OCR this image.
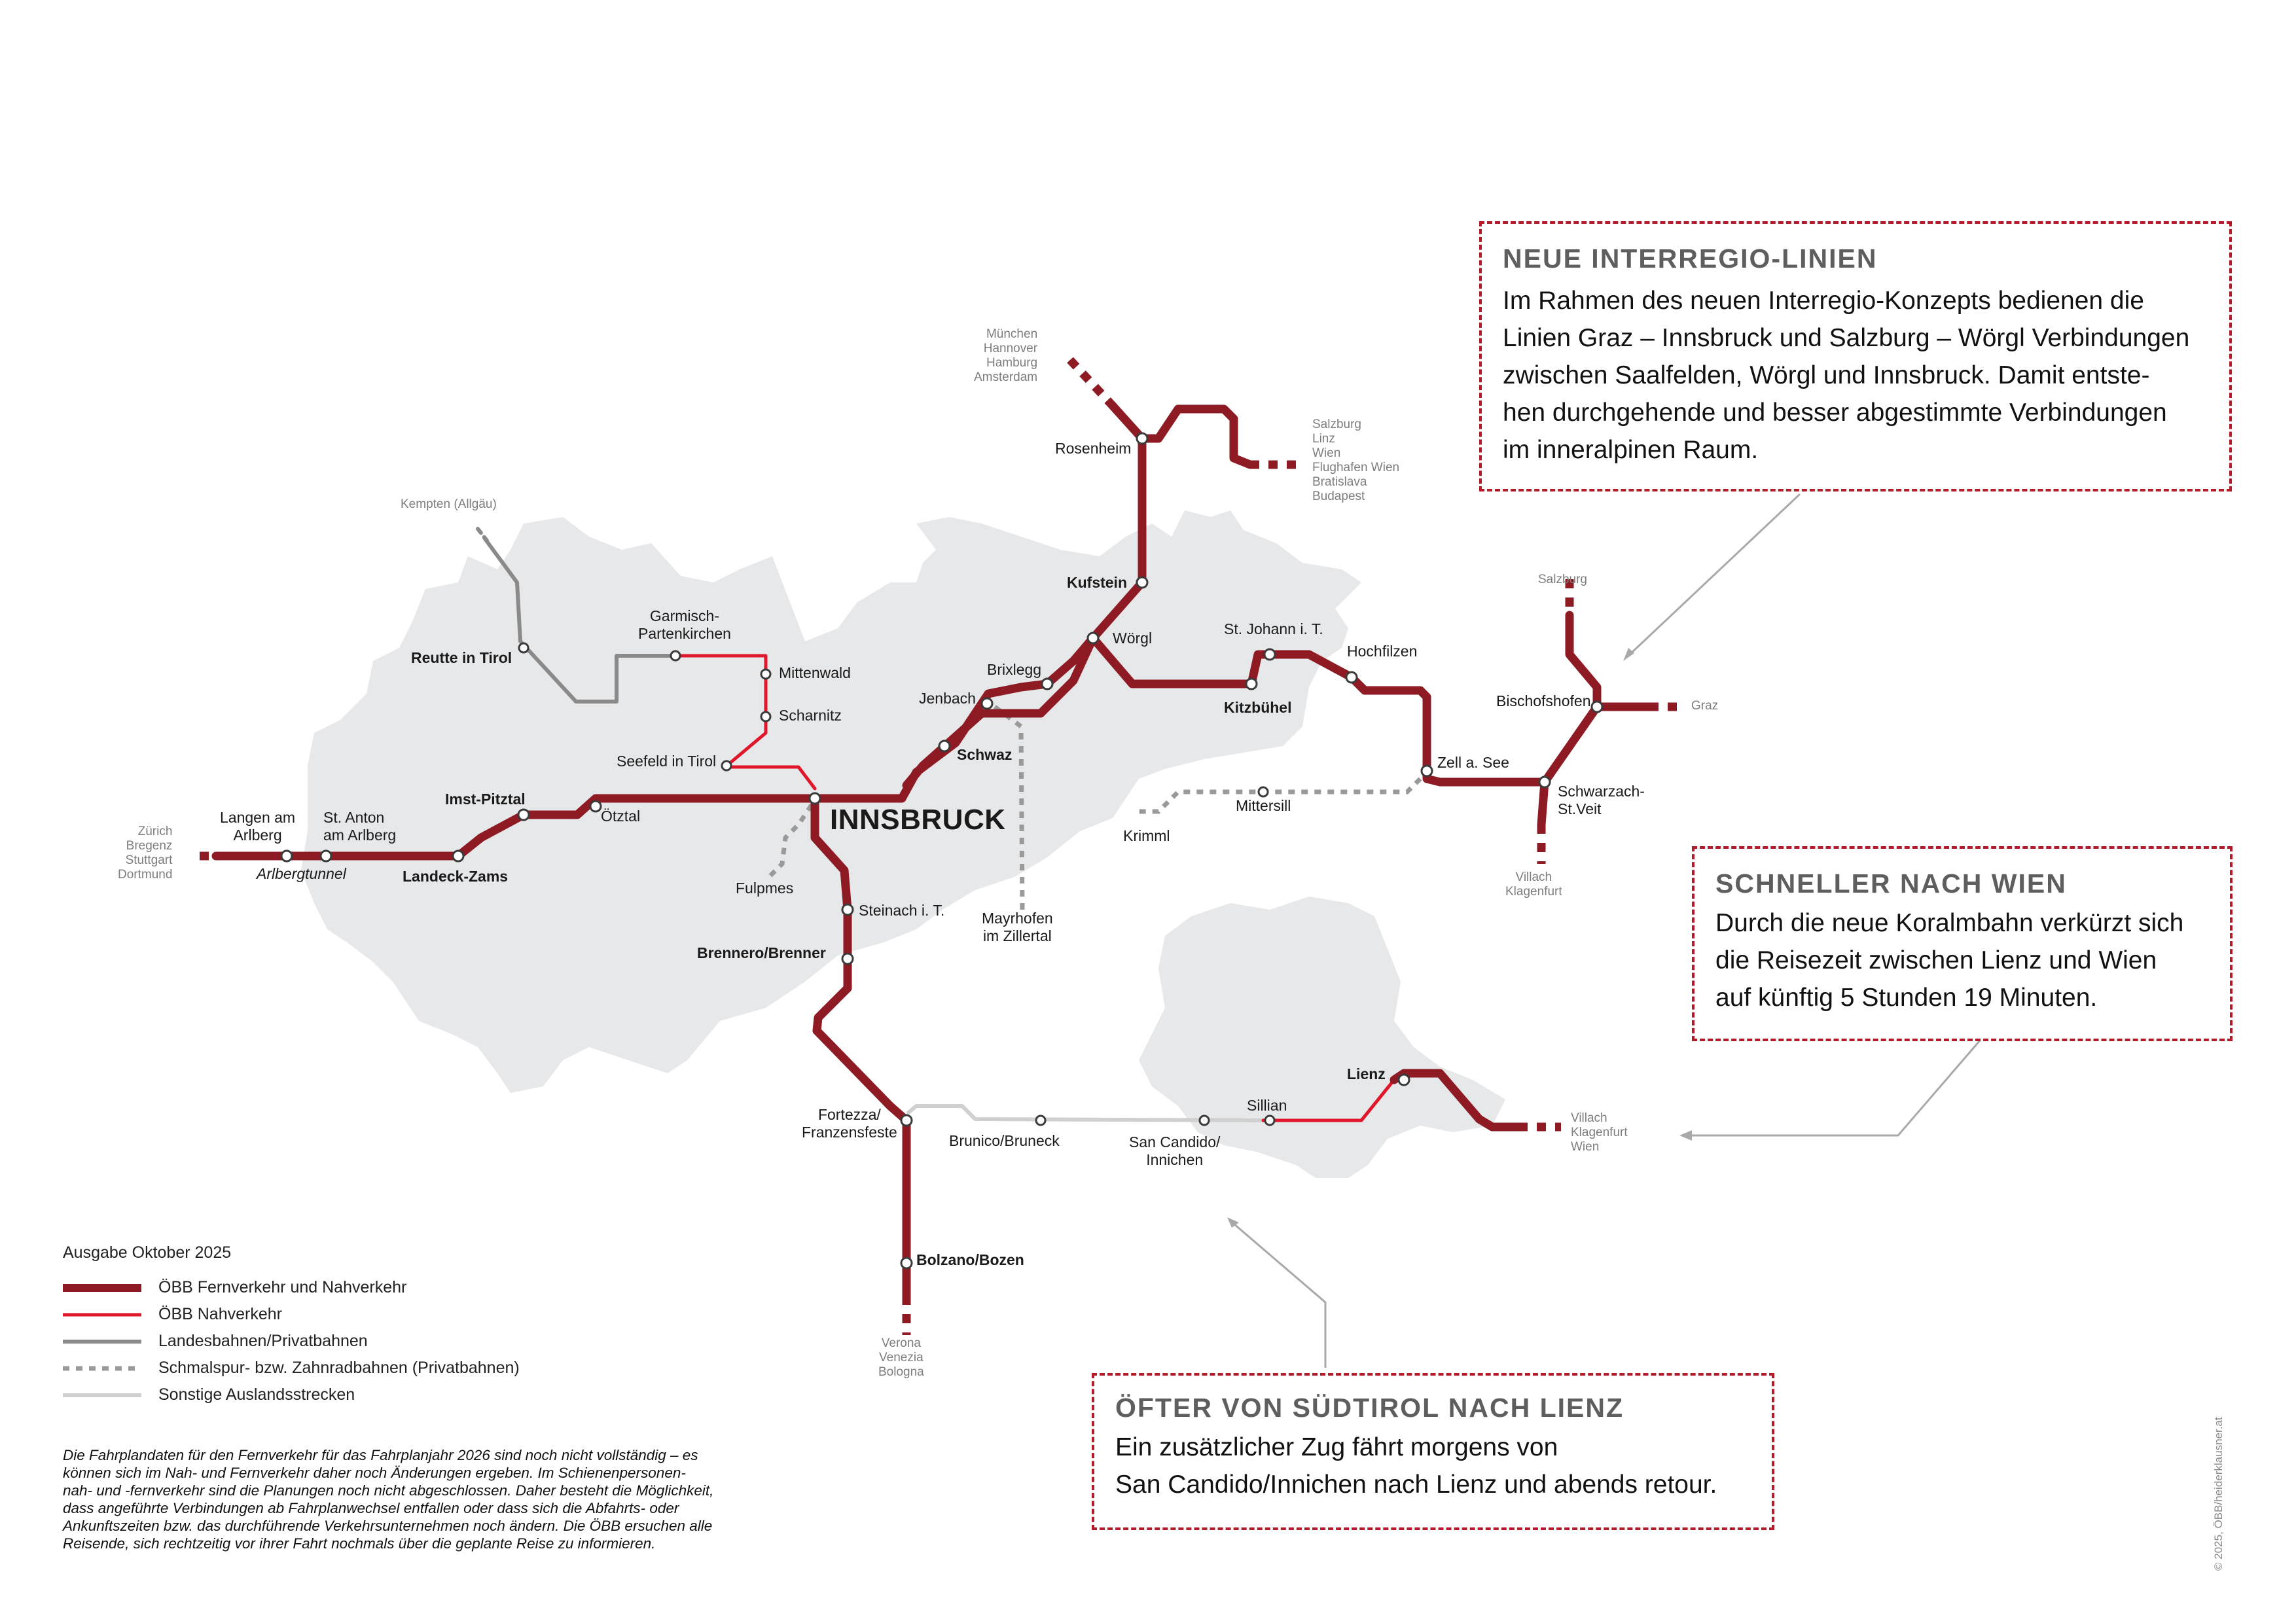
INNSBRUCK
Kufstein
Wörgl
Rosenheim
Brixlegg
Jenbach
Schwaz
St. Johann i. T.
Hochfilzen
Kitzbühel
Zell a. See
Bischofshofen
Schwarzach-
St.Veit
Mittersill
Krimml
Garmisch-
Partenkirchen
Mittenwald
Scharnitz
Seefeld in Tirol
Reutte in Tirol
Imst-Pitztal
Ötztal
Landeck-Zams
St. Anton
am Arlberg
Langen am
Arlberg
Arlbergtunnel
Fulpmes
Steinach i. T.
Brennero/Brenner
Mayrhofen
im Zillertal
Fortezza/
Franzensfeste
Bolzano/Bozen
Brunico/Bruneck	San Candido/
Innichen
Sillian
Lienz
München
Hannover
Hamburg
Amsterdam
Salzburg
Linz
Wien
Flughafen Wien
Bratislava
Budapest
Kempten (Allgäu)
Zürich
Bregenz
Stuttgart
Dortmund
Salzburg
Graz
Villach
Klagenfurt
Villach
Klagenfurt
Wien
Verona
Venezia
Bologna
NEUE INTERREGIO-LINIEN

Im Rahmen des neuen Interregio-Konzepts bedienen die
Linien Graz – Innsbruck und Salzburg – Wörgl Verbindungen
zwischen Saalfelden, Wörgl und Innsbruck. Damit entste-
hen durchgehende und besser abgestimmte Verbindungen
im inneralpinen Raum.

SCHNELLER NACH WIEN

Durch die neue Koralmbahn verkürzt sich
die Reisezeit zwischen Lienz und Wien
auf künftig 5 Stunden 19 Minuten.

ÖFTER VON SÜDTIROL NACH LIENZ

Ein zusätzlicher Zug fährt morgens von
San Candido/Innichen nach Lienz und abends retour.

Ausgabe Oktober 2025
ÖBB Fernverkehr und Nahverkehr
ÖBB Nahverkehr
Landesbahnen/Privatbahnen
Schmalspur- bzw. Zahnradbahnen (Privatbahnen)
Sonstige Auslandsstrecken
Die Fahrplandaten für den Fernverkehr für das Fahrplanjahr 2026 sind noch nicht vollständig – es
können sich im Nah- und Fernverkehr daher noch Änderungen ergeben. Im Schienenpersonen-
nah- und -fernverkehr sind die Planungen noch nicht abgeschlossen. Daher besteht die Möglichkeit,
dass angeführte Verbindungen ab Fahrplanwechsel entfallen oder dass sich die Abfahrts- oder
Ankunftszeiten bzw. das durchführende Verkehrsunternehmen noch ändern. Die ÖBB ersuchen alle
Reisende, sich rechtzeitig vor ihrer Fahrt nochmals über die geplante Reise zu informieren.	© 2025, ÖBB/heiderklausner.at
